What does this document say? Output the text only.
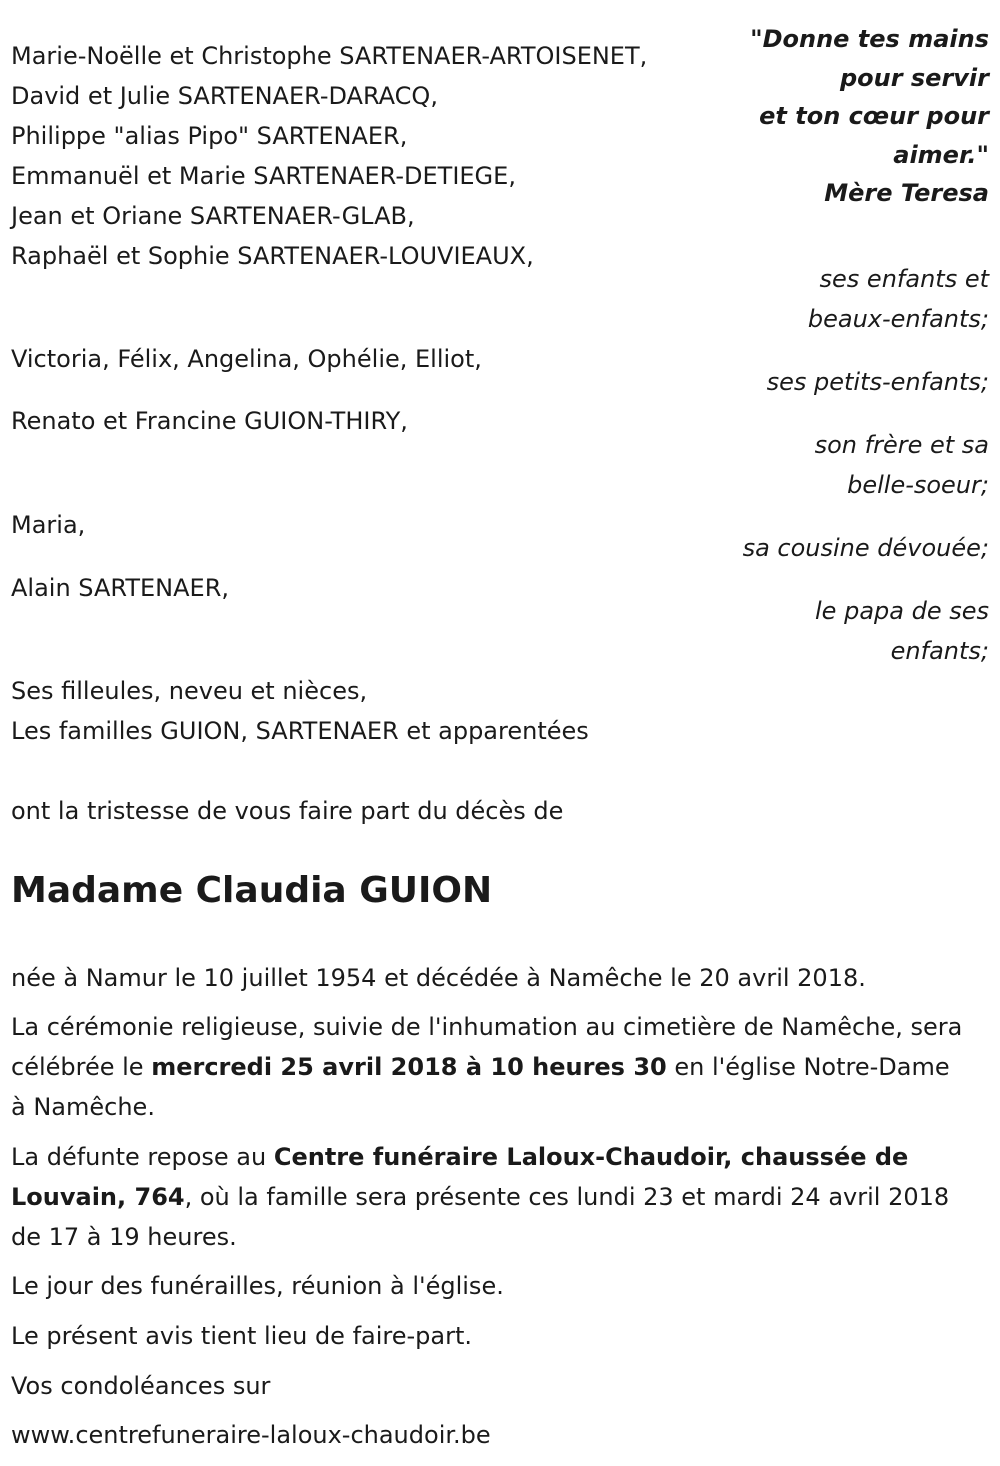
"Donne tes mains
pour servir
et ton cœur pour
aimer."
Mère Teresa
Marie-Noëlle et Christophe SARTENAER-ARTOISENET,
David et Julie SARTENAER-DARACQ,
Philippe "alias Pipo" SARTENAER,
Emmanuël et Marie SARTENAER-DETIEGE,
Jean et Oriane SARTENAER-GLAB,
Raphaël et Sophie SARTENAER-LOUVIEAUX,
ses enfants et
beaux-enfants;
Victoria, Félix, Angelina, Ophélie, Elliot,
ses petits-enfants;
Renato et Francine GUION-THIRY,
son frère et sa
belle-soeur;
Maria,
sa cousine dévouée;
Alain SARTENAER,
le papa de ses
enfants;
Ses filleules, neveu et nièces,
Les familles GUION, SARTENAER et apparentées
ont la tristesse de vous faire part du décès de
Madame Claudia GUION
née à Namur le 10 juillet 1954 et décédée à Namêche le 20 avril 2018.
La cérémonie religieuse, suivie de l'inhumation au cimetière de Namêche, sera célébrée le mercredi 25 avril 2018 à 10 heures 30 en l'église Notre-Dame à Namêche.
La défunte repose au Centre funéraire Laloux-Chaudoir, chaussée de Louvain, 764, où la famille sera présente ces lundi 23 et mardi 24 avril 2018 de 17 à 19 heures.
Le jour des funérailles, réunion à l'église.
Le présent avis tient lieu de faire-part.
Vos condoléances sur
www.centrefuneraire-laloux-chaudoir.be
